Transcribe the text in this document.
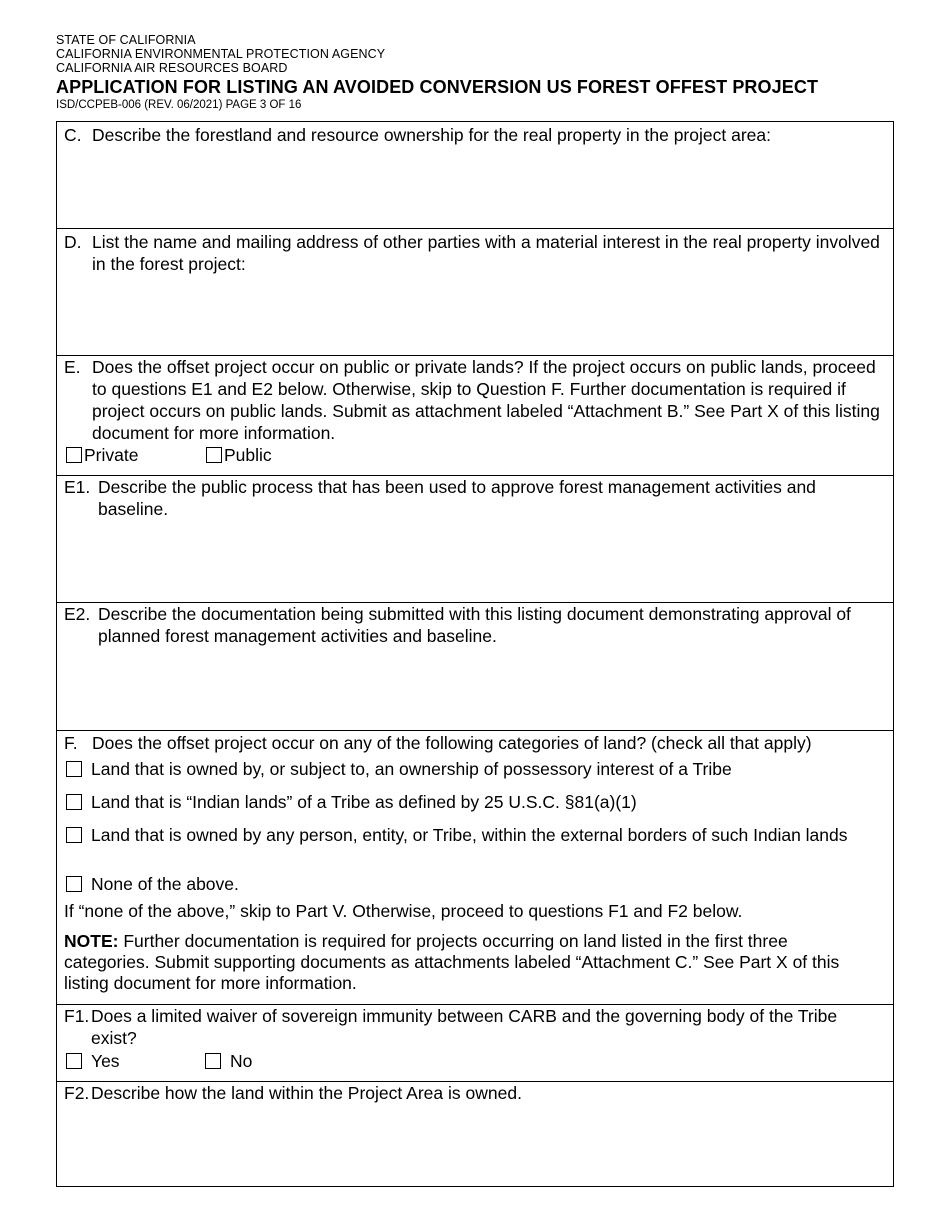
STATE OF CALIFORNIA
CALIFORNIA ENVIRONMENTAL PROTECTION AGENCY
CALIFORNIA AIR RESOURCES BOARD
APPLICATION FOR LISTING AN AVOIDED CONVERSION US FOREST OFFEST PROJECT
ISD/CCPEB-006 (REV. 06/2021) PAGE 3 OF 16
C. Describe the forestland and resource ownership for the real property in the project area:
D. List the name and mailing address of other parties with a material interest in the real property involved in the forest project:
E. Does the offset project occur on public or private lands? If the project occurs on public lands, proceed to questions E1 and E2 below. Otherwise, skip to Question F. Further documentation is required if project occurs on public lands. Submit as attachment labeled “Attachment B.” See Part X of this listing document for more information.
Private	Public
E1. Describe the public process that has been used to approve forest management activities and baseline.
E2. Describe the documentation being submitted with this listing document demonstrating approval of planned forest management activities and baseline.
F. Does the offset project occur on any of the following categories of land? (check all that apply)
Land that is owned by, or subject to, an ownership of possessory interest of a Tribe
Land that is “Indian lands” of a Tribe as defined by 25 U.S.C. §81(a)(1)
Land that is owned by any person, entity, or Tribe, within the external borders of such Indian lands
None of the above.
If “none of the above,” skip to Part V. Otherwise, proceed to questions F1 and F2 below.
NOTE: Further documentation is required for projects occurring on land listed in the first three categories. Submit supporting documents as attachments labeled “Attachment C.” See Part X of this listing document for more information.
F1. Does a limited waiver of sovereign immunity between CARB and the governing body of the Tribe exist?
Yes	No
F2. Describe how the land within the Project Area is owned.
